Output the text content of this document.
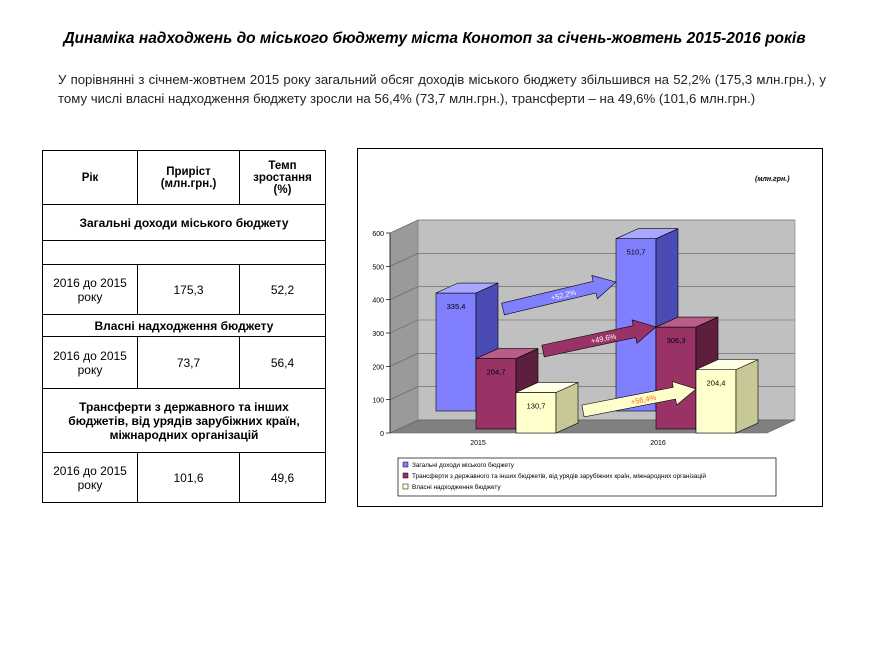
Динаміка надходжень до міського бюджету міста Конотоп за січень-жовтень 2015-2016 років
У порівнянні з січнем-жовтнем 2015 року загальний обсяг доходів міського бюджету збільшився на 52,2% (175,3 млн.грн.), у тому числі власні надходження бюджету зросли на 56,4% (73,7 млн.грн.), трансферти – на 49,6% (101,6 млн.грн.)
Рік	Приріст (млн.грн.)	Темп зростання (%)
Загальні доходи міського бюджету		

2016 до 2015 року	175,3	52,2
Власні надходження бюджету		
2016 до 2015 року	73,7	56,4
Трансферти з державного та інших бюджетів, від урядів зарубіжних країн, міжнародних організацій		
2016 до 2015 року	101,6	49,6
(млн.грн.)
0
100
200
300
400
500
600
335,4
204,7
130,7
510,7
306,3
204,4
+52,2%
+49,6%
+56,4%
2015	2016
Загальні доходи міського бюджету
Трансферти з державного та інших бюджетів, від урядів зарубіжних країн, міжнародних організацій
Власні надходження бюджету
